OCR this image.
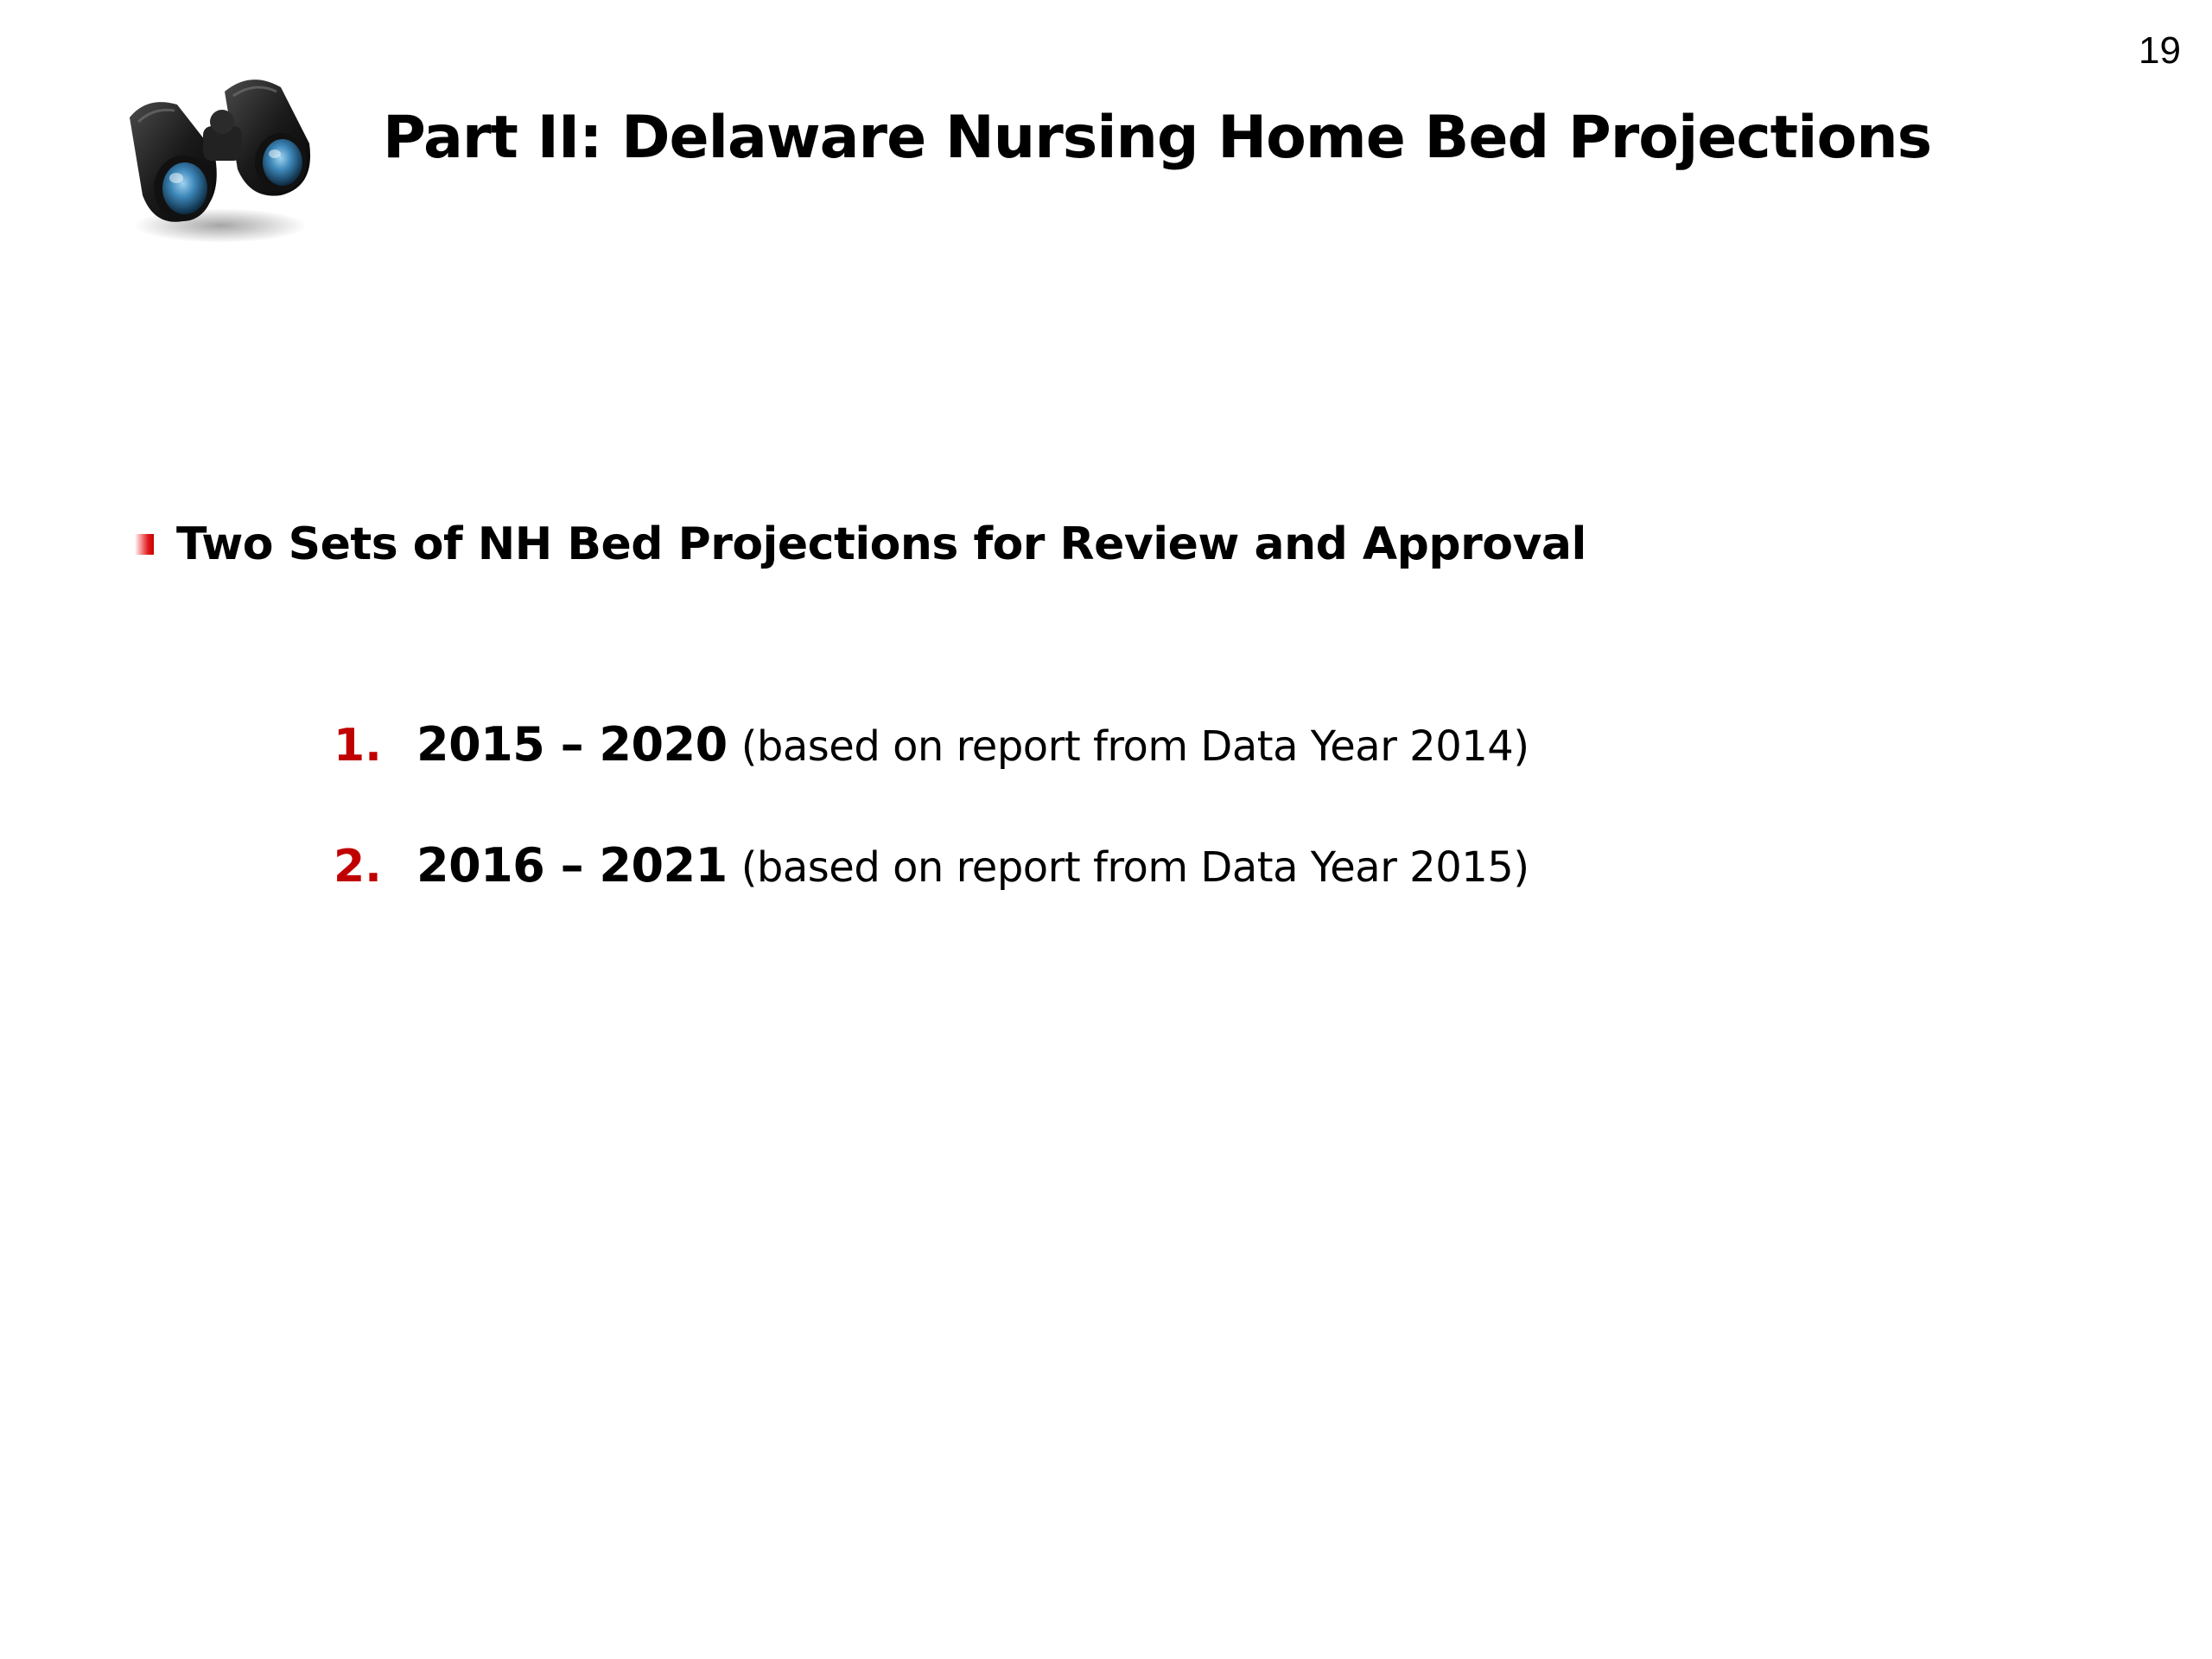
19
Part II: Delaware Nursing Home Bed Projections
Two Sets of NH Bed Projections for Review and Approval
1. 2015 – 2020 (based on report from Data Year 2014)
2. 2016 – 2021 (based on report from Data Year 2015)
